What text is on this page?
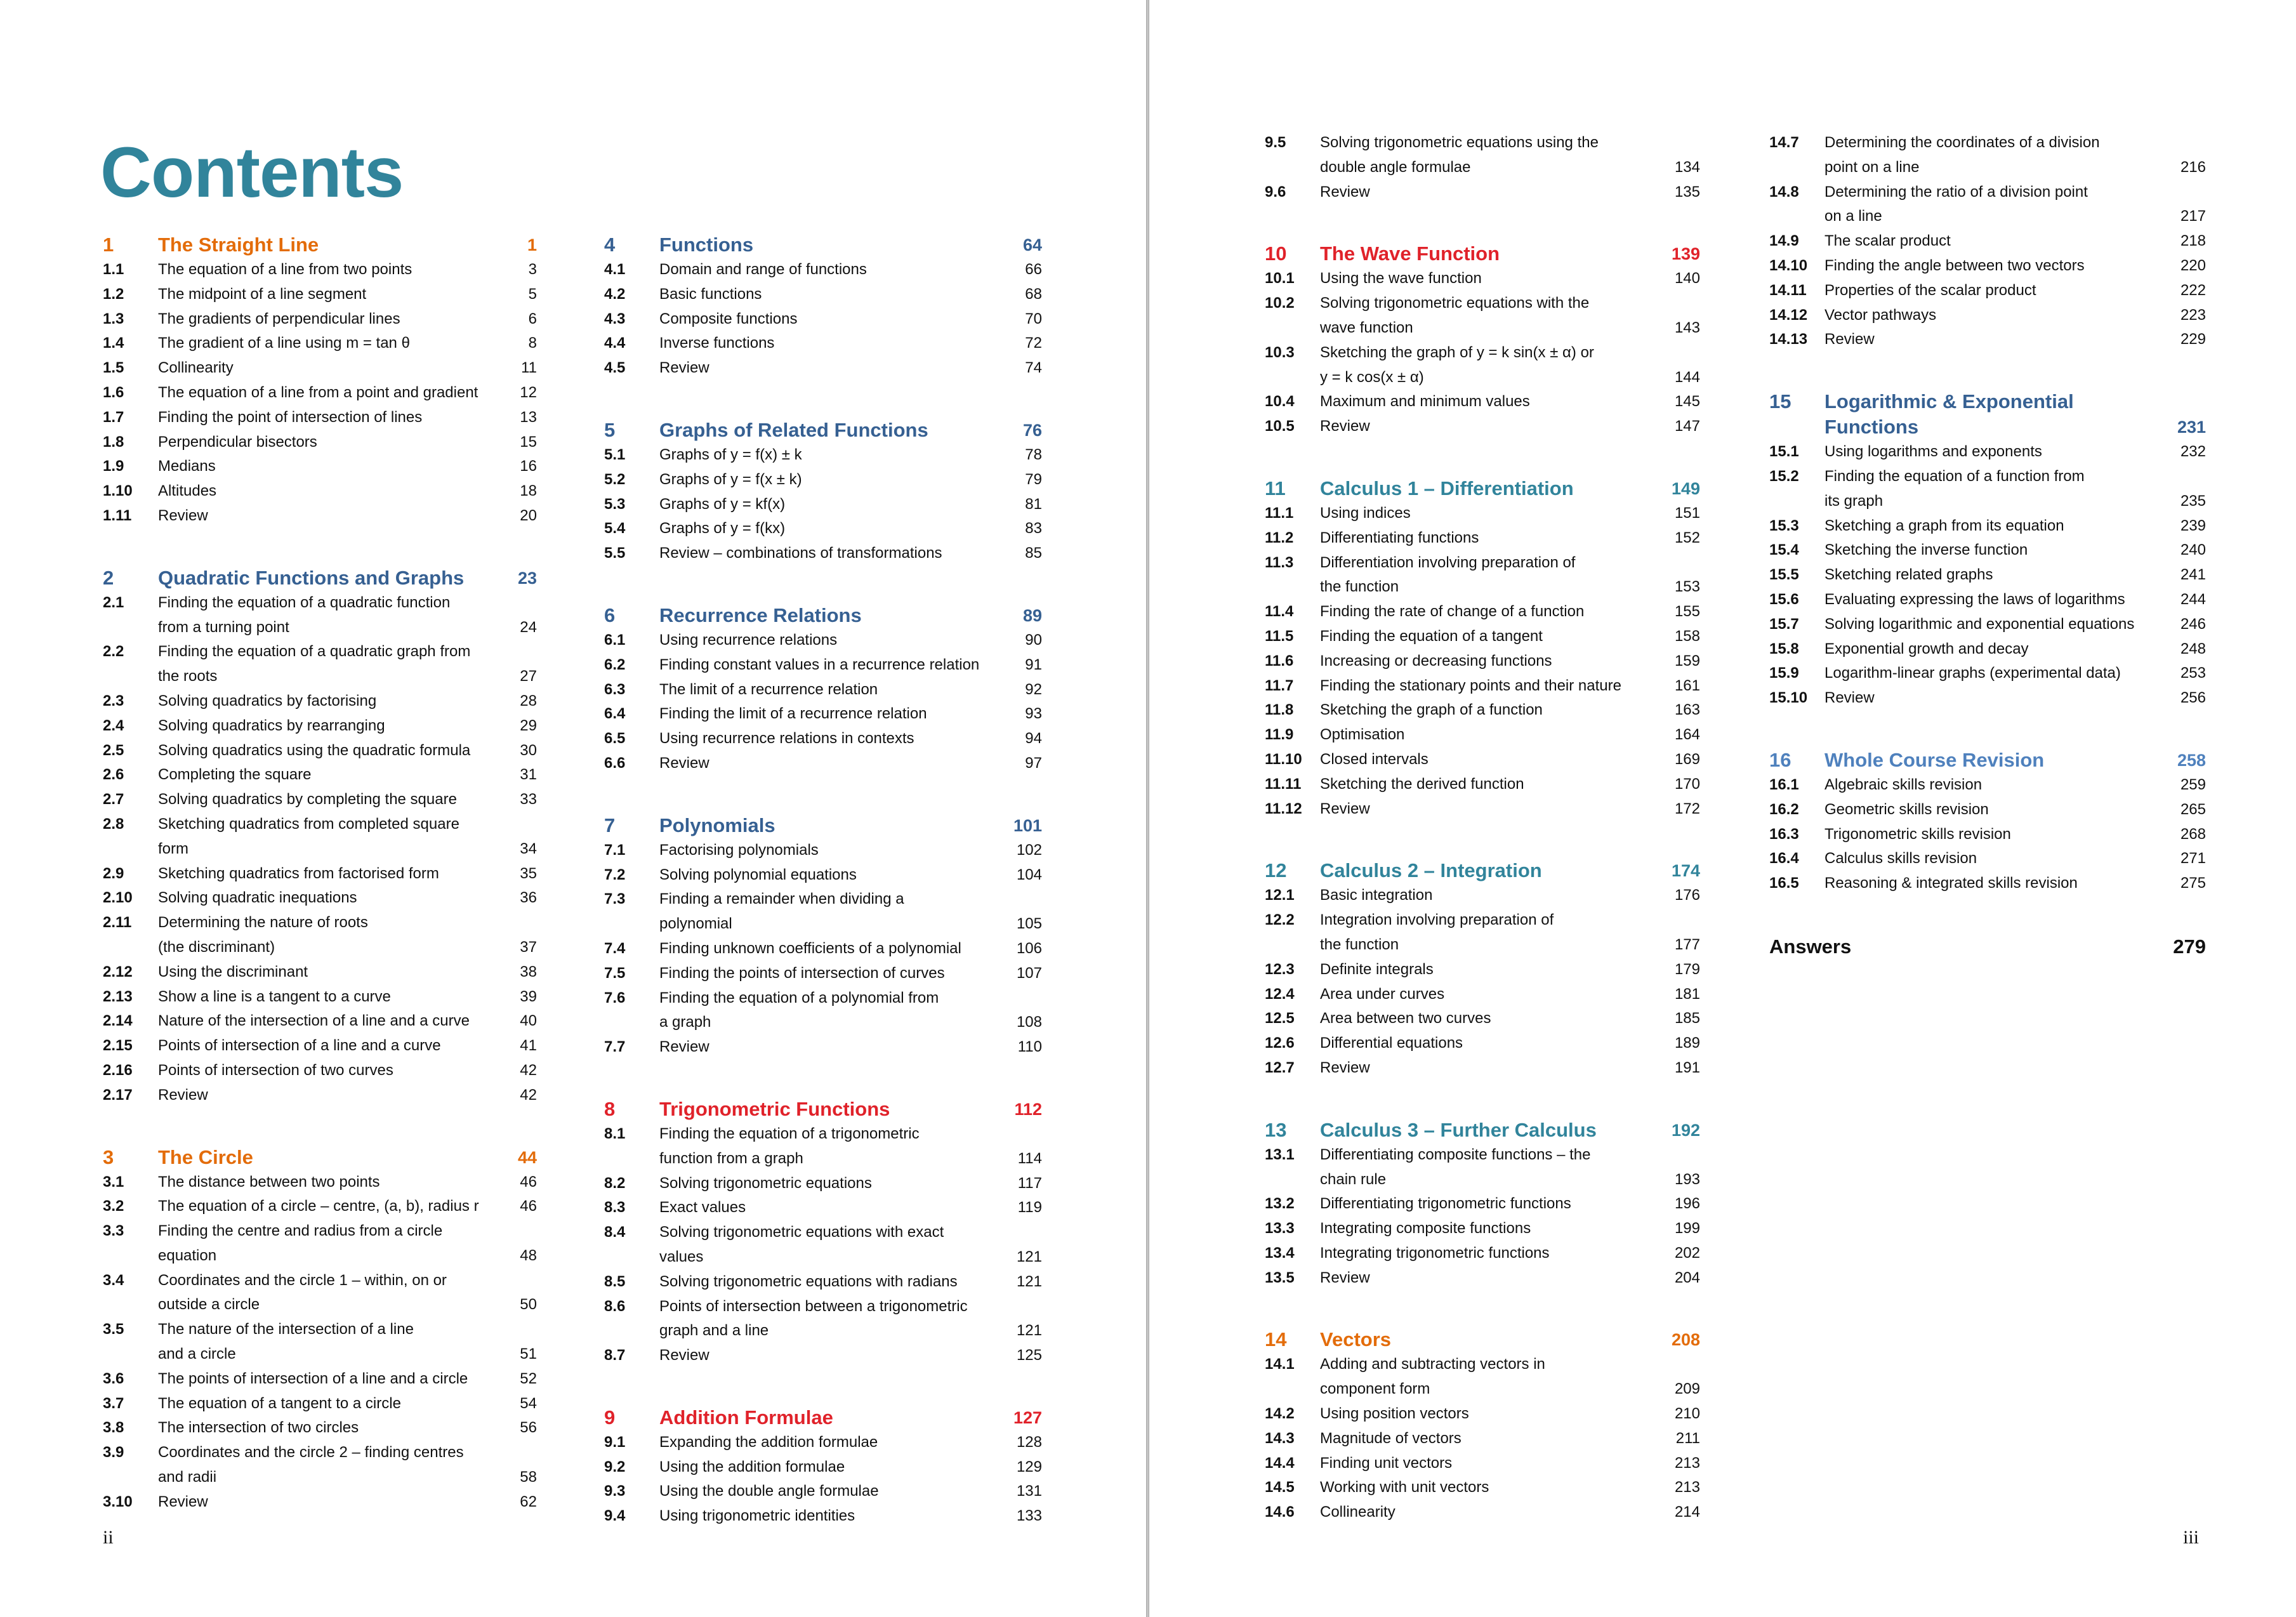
Contents
1 The Straight Line	1
1.1 The equation of a line from two points	3
1.2 The midpoint of a line segment	5
1.3 The gradients of perpendicular lines	6
1.4 The gradient of a line using m = tan θ	8
1.5 Collinearity	11
1.6 The equation of a line from a point and gradient	12
1.7 Finding the point of intersection of lines	13
1.8 Perpendicular bisectors	15
1.9 Medians	16
1.10 Altitudes	18
1.11 Review	20
2 Quadratic Functions and Graphs	23
2.1 Finding the equation of a quadratic function
from a turning point	24
2.2 Finding the equation of a quadratic graph from
the roots	27
2.3 Solving quadratics by factorising	28
2.4 Solving quadratics by rearranging	29
2.5 Solving quadratics using the quadratic formula	30
2.6 Completing the square	31
2.7 Solving quadratics by completing the square	33
2.8 Sketching quadratics from completed square
form	34
2.9 Sketching quadratics from factorised form	35
2.10 Solving quadratic inequations	36
2.11 Determining the nature of roots
(the discriminant)	37
2.12 Using the discriminant	38
2.13 Show a line is a tangent to a curve	39
2.14 Nature of the intersection of a line and a curve	40
2.15 Points of intersection of a line and a curve	41
2.16 Points of intersection of two curves	42
2.17 Review	42
3 The Circle	44
3.1 The distance between two points	46
3.2 The equation of a circle – centre, (a, b), radius r	46
3.3 Finding the centre and radius from a circle
equation	48
3.4 Coordinates and the circle 1 – within, on or
outside a circle	50
3.5 The nature of the intersection of a line
and a circle	51
3.6 The points of intersection of a line and a circle	52
3.7 The equation of a tangent to a circle	54
3.8 The intersection of two circles	56
3.9 Coordinates and the circle 2 – finding centres
and radii	58
3.10 Review	62
4 Functions	64
4.1 Domain and range of functions	66
4.2 Basic functions	68
4.3 Composite functions	70
4.4 Inverse functions	72
4.5 Review	74
5 Graphs of Related Functions	76
5.1 Graphs of y = f(x) ± k	78
5.2 Graphs of y = f(x ± k)	79
5.3 Graphs of y = kf(x)	81
5.4 Graphs of y = f(kx)	83
5.5 Review – combinations of transformations	85
6 Recurrence Relations	89
6.1 Using recurrence relations	90
6.2 Finding constant values in a recurrence relation	91
6.3 The limit of a recurrence relation	92
6.4 Finding the limit of a recurrence relation	93
6.5 Using recurrence relations in contexts	94
6.6 Review	97
7 Polynomials	101
7.1 Factorising polynomials	102
7.2 Solving polynomial equations	104
7.3 Finding a remainder when dividing a
polynomial	105
7.4 Finding unknown coefficients of a polynomial	106
7.5 Finding the points of intersection of curves	107
7.6 Finding the equation of a polynomial from
a graph	108
7.7 Review	110
8 Trigonometric Functions	112
8.1 Finding the equation of a trigonometric
function from a graph	114
8.2 Solving trigonometric equations	117
8.3 Exact values	119
8.4 Solving trigonometric equations with exact
values	121
8.5 Solving trigonometric equations with radians	121
8.6 Points of intersection between a trigonometric
graph and a line	121
8.7 Review	125
9 Addition Formulae	127
9.1 Expanding the addition formulae	128
9.2 Using the addition formulae	129
9.3 Using the double angle formulae	131
9.4 Using trigonometric identities	133
ii
9.5 Solving trigonometric equations using the
double angle formulae	134
9.6 Review	135
10 The Wave Function	139
10.1 Using the wave function	140
10.2 Solving trigonometric equations with the
wave function	143
10.3 Sketching the graph of y = k sin(x ± α) or
y = k cos(x ± α)	144
10.4 Maximum and minimum values	145
10.5 Review	147
11 Calculus 1 – Differentiation	149
11.1 Using indices	151
11.2 Differentiating functions	152
11.3 Differentiation involving preparation of
the function	153
11.4 Finding the rate of change of a function	155
11.5 Finding the equation of a tangent	158
11.6 Increasing or decreasing functions	159
11.7 Finding the stationary points and their nature	161
11.8 Sketching the graph of a function	163
11.9 Optimisation	164
11.10 Closed intervals	169
11.11 Sketching the derived function	170
11.12 Review	172
12 Calculus 2 – Integration	174
12.1 Basic integration	176
12.2 Integration involving preparation of
the function	177
12.3 Definite integrals	179
12.4 Area under curves	181
12.5 Area between two curves	185
12.6 Differential equations	189
12.7 Review	191
13 Calculus 3 – Further Calculus	192
13.1 Differentiating composite functions – the
chain rule	193
13.2 Differentiating trigonometric functions	196
13.3 Integrating composite functions	199
13.4 Integrating trigonometric functions	202
13.5 Review	204
14 Vectors	208
14.1 Adding and subtracting vectors in
component form	209
14.2 Using position vectors	210
14.3 Magnitude of vectors	211
14.4 Finding unit vectors	213
14.5 Working with unit vectors	213
14.6 Collinearity	214
14.7 Determining the coordinates of a division
point on a line	216
14.8 Determining the ratio of a division point
on a line	217
14.9 The scalar product	218
14.10 Finding the angle between two vectors	220
14.11 Properties of the scalar product	222
14.12 Vector pathways	223
14.13 Review	229
15 Logarithmic & Exponential
Functions	231
15.1 Using logarithms and exponents	232
15.2 Finding the equation of a function from
its graph	235
15.3 Sketching a graph from its equation	239
15.4 Sketching the inverse function	240
15.5 Sketching related graphs	241
15.6 Evaluating expressing the laws of logarithms	244
15.7 Solving logarithmic and exponential equations	246
15.8 Exponential growth and decay	248
15.9 Logarithm-linear graphs (experimental data)	253
15.10 Review	256
16 Whole Course Revision	258
16.1 Algebraic skills revision	259
16.2 Geometric skills revision	265
16.3 Trigonometric skills revision	268
16.4 Calculus skills revision	271
16.5 Reasoning & integrated skills revision	275
Answers	279
iii
